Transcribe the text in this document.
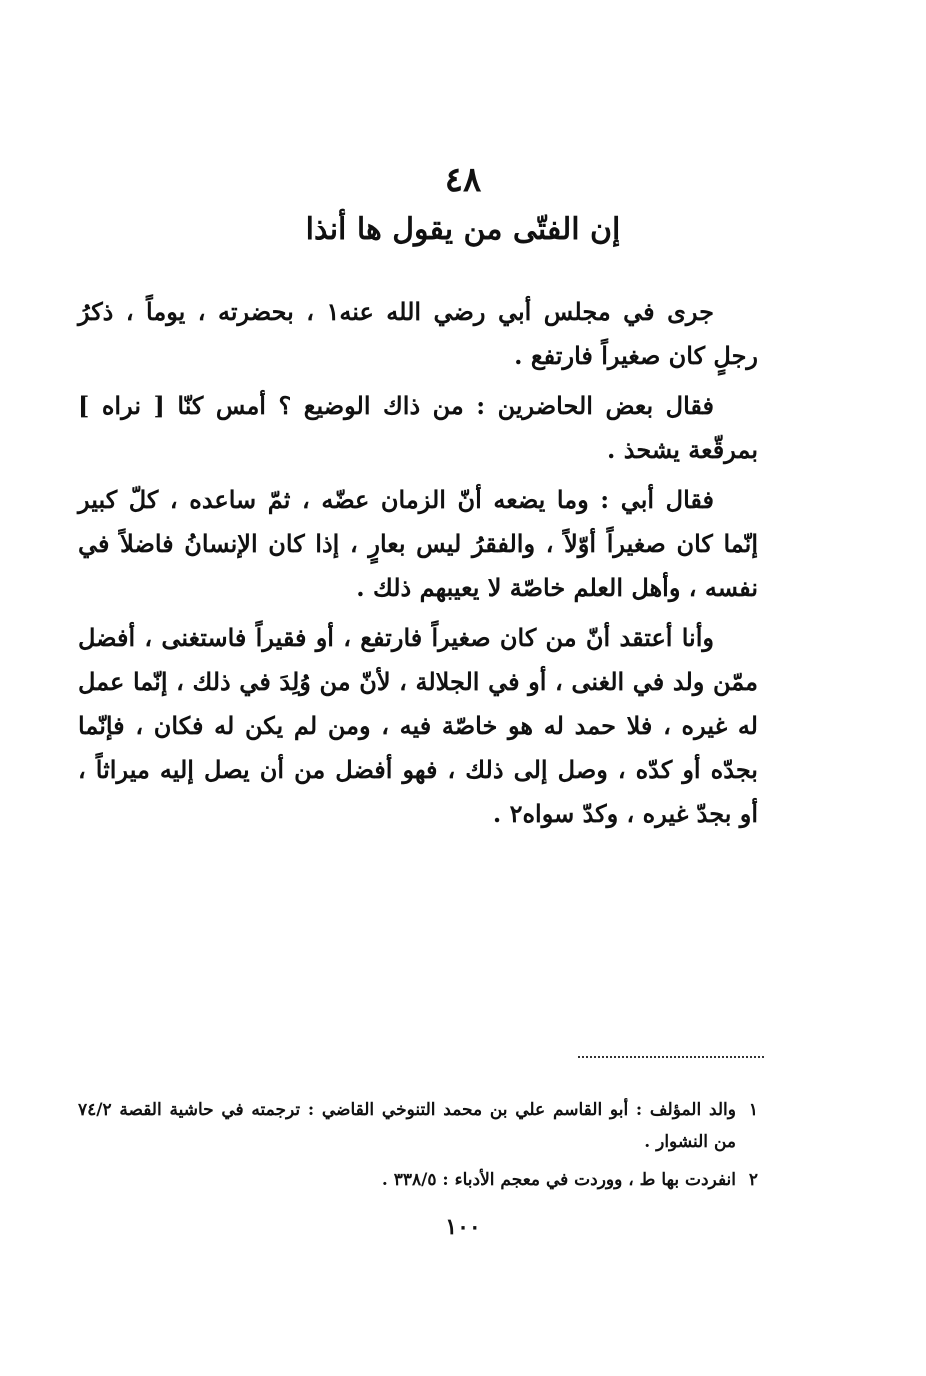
٤٨
إن الفتّى من يقول ها أنذا

جرى في مجلس أبي رضي الله عنه١ ، بحضرته ، يوماً ، ذكرُ رجلٍ كان صغيراً فارتفع .

فقال بعض الحاضرين : من ذاك الوضيع ؟ أمس كنّا [ نراه ] بمرقّعة يشحذ .

فقال أبي : وما يضعه أنّ الزمان عضّه ، ثمّ ساعده ، كلّ كبير إنّما كان صغيراً أوّلاً ، والفقرُ ليس بعارٍ ، إذا كان الإنسانُ فاضلاً في نفسه ، وأهل العلم خاصّة لا يعيبهم ذلك .

وأنا أعتقد أنّ من كان صغيراً فارتفع ، أو فقيراً فاستغنى ، أفضل ممّن ولد في الغنى ، أو في الجلالة ، لأنّ من وُلِدَ في ذلك ، إنّما عمل له غيره ، فلا حمد له هو خاصّة فيه ، ومن لم يكن له فكان ، فإنّما بجدّه أو كدّه ، وصل إلى ذلك ، فهو أفضل من أن يصل إليه ميراثاً ، أو بجدّ غيره ، وكدّ سواه٢ .

١
والد المؤلف : أبو القاسم علي بن محمد التنوخي القاضي : ترجمته في حاشية القصة ٧٤/٢ من النشوار .
٢
انفردت بها ط ، ووردت في معجم الأدباء : ٣٣٨/٥ .
١٠٠
